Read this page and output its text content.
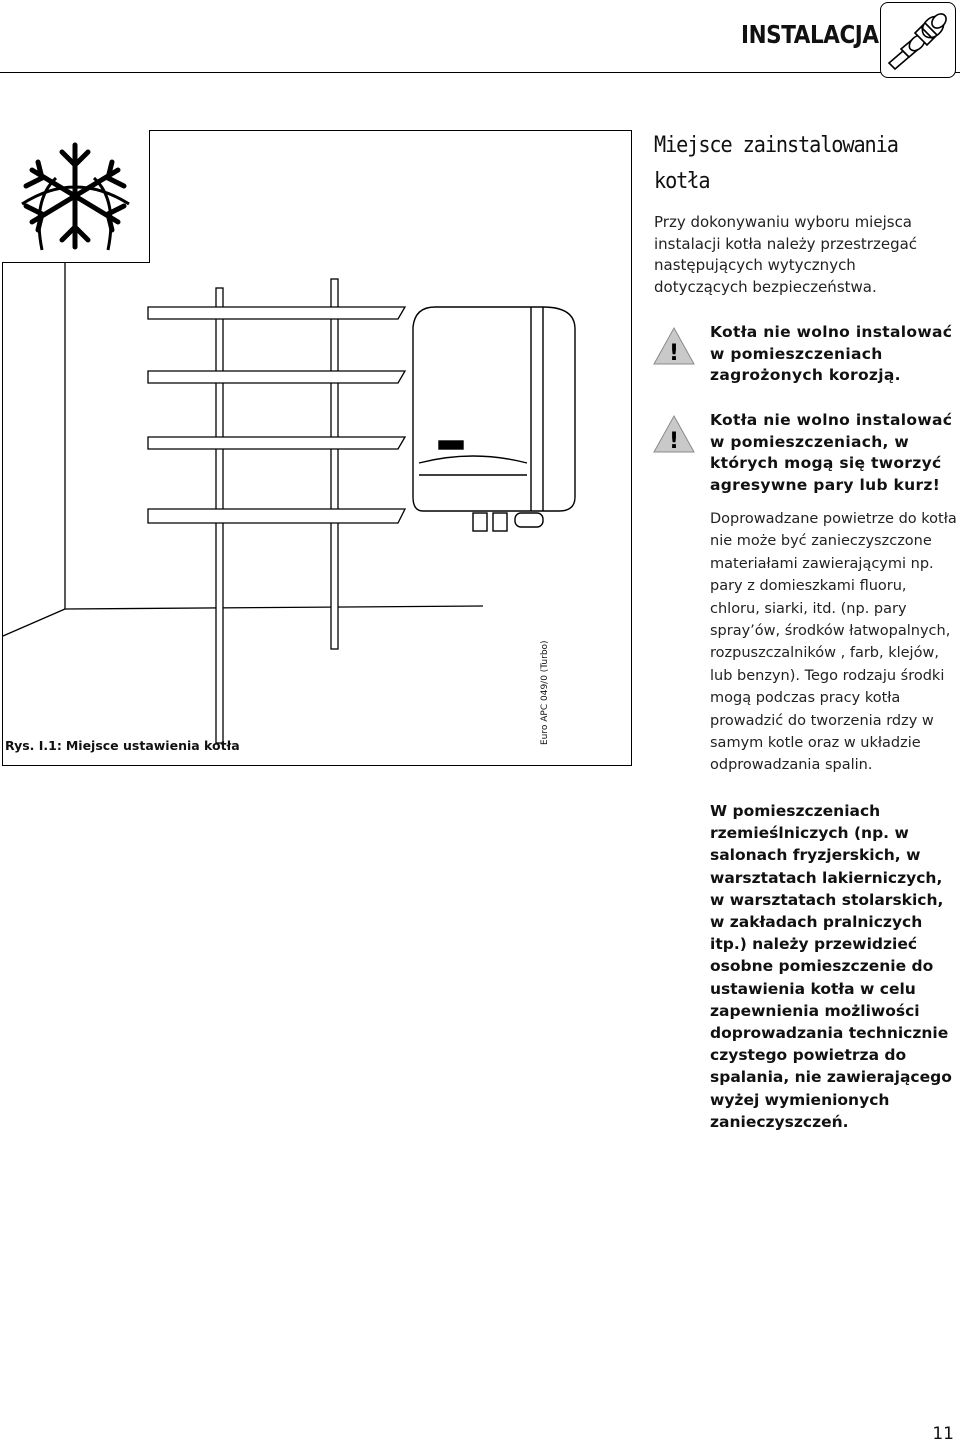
INSTALACJA
Rys. I.1: Miejsce ustawienia kotła
Euro APC 049/0 (Turbo)
Miejsce zainstalowania
kotła
Przy dokonywaniu wyboru miejsca instalacji kotła należy przestrzegać następujących wytycznych dotyczących bezpieczeństwa.
!
Kotła nie wolno instalować w pomieszczeniach zagrożonych korozją.
!
Kotła nie wolno instalować w pomieszczeniach, w których mogą się tworzyć agresywne pary lub kurz!
Doprowadzane powietrze do kotła nie może być zanieczyszczone materiałami zawierającymi np. pary z domieszkami fluoru, chloru, siarki, itd. (np. pary spray’ów, środków łatwopalnych, rozpuszczalników , farb, klejów, lub benzyn). Tego rodzaju środki mogą podczas pracy kotła prowadzić do tworzenia rdzy w samym kotle oraz w układzie odprowadzania spalin.
W pomieszczeniach rzemieślniczych (np. w salonach fryzjerskich, w warsztatach lakierniczych, w warsztatach stolarskich, w zakładach pralniczych itp.) należy przewidzieć osobne pomieszczenie do ustawienia kotła w celu zapewnienia możliwości doprowadzania technicznie czystego powietrza do spalania, nie zawierającego wyżej wymienionych zanieczyszczeń.
11
